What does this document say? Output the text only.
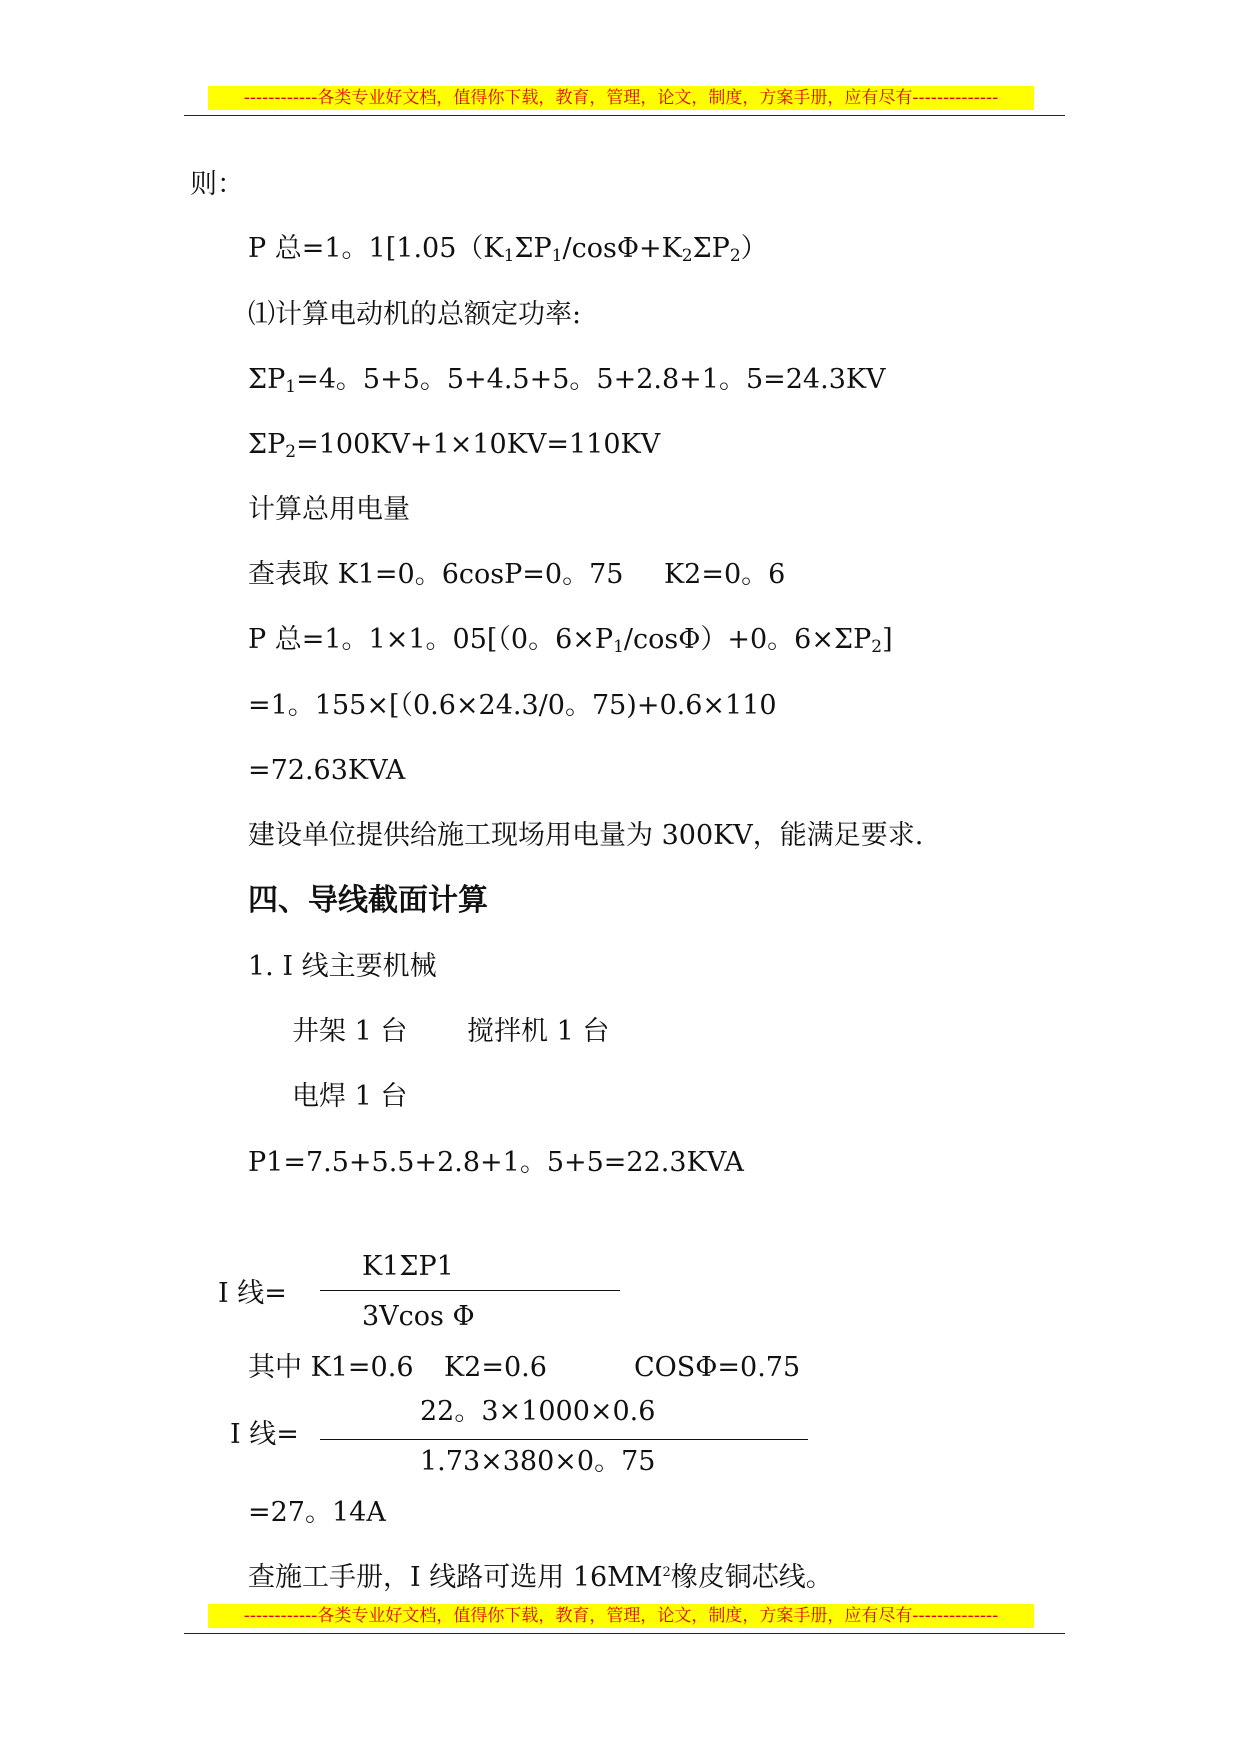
------------各类专业好文档，值得你下载，教育，管理，论文，制度，方案手册，应有尽有--------------
则：
P 总=1。$1[1.05(K_1\Sigma P_1/\cos\Phi+K_2\Sigma P_2)$
⑴计算电动机的总额定功率:
$\Sigma P_1=4$。5+5。5+4.5+5。5+2.8+1。5=24.3KV
$\Sigma P_2=100KV+1\times 10KV=110KV$
计算总用电量
查表取 K1=0。6cosP=0。75 K2=0。6
P 总=1。1×1。05[（0。$6\times P_1/\cos\Phi)+0$。$6\times\Sigma P_2$]
=1。155×[（0.6×24.3/0。75)+0.6×110
=72.63KVA
建设单位提供给施工现场用电量为 300KV，能满足要求.
四、导线截面计算
1. I 线主要机械
井架 1 台 搅拌机 1 台
电焊 1 台
P1=7.5+5.5+2.8+1。5+5=22.3KVA
I 线=
K1ΣP1
3Vcos Φ
其中 K1=0.6 K2=0.6	COSΦ=0.75
I 线=
22。3×1000×0.6
1.73×380×0。75
=27。14A
查施工手册，I 线路可选用 $16MM^2$橡皮铜芯线。
------------各类专业好文档，值得你下载，教育，管理，论文，制度，方案手册，应有尽有--------------
